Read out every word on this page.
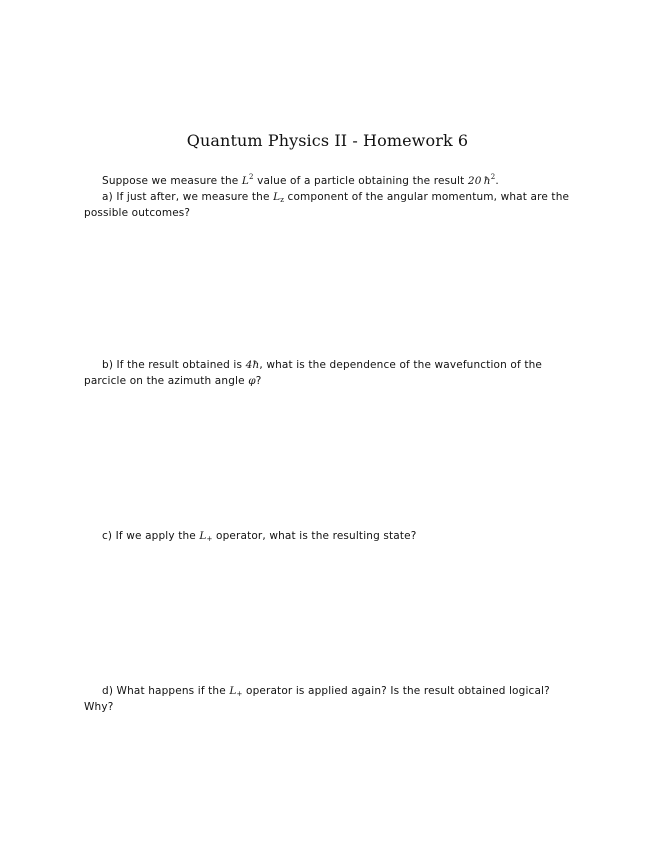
Quantum Physics II - Homework 6
Suppose we measure the $L^2$ value of a particle obtaining the result 20  $ħ^2$.
a) If just after, we measure the $L_z$ component of the angular momentum, what are the possible outcomes?
b) If the result obtained is 4ħ, what is the dependence of the wavefunction of the parcicle on the azimuth angle φ?
c) If we apply the $L_+$ operator, what is the resulting state?
d) What happens if the $L_+$ operator is applied again? Is the result obtained logical? Why?
